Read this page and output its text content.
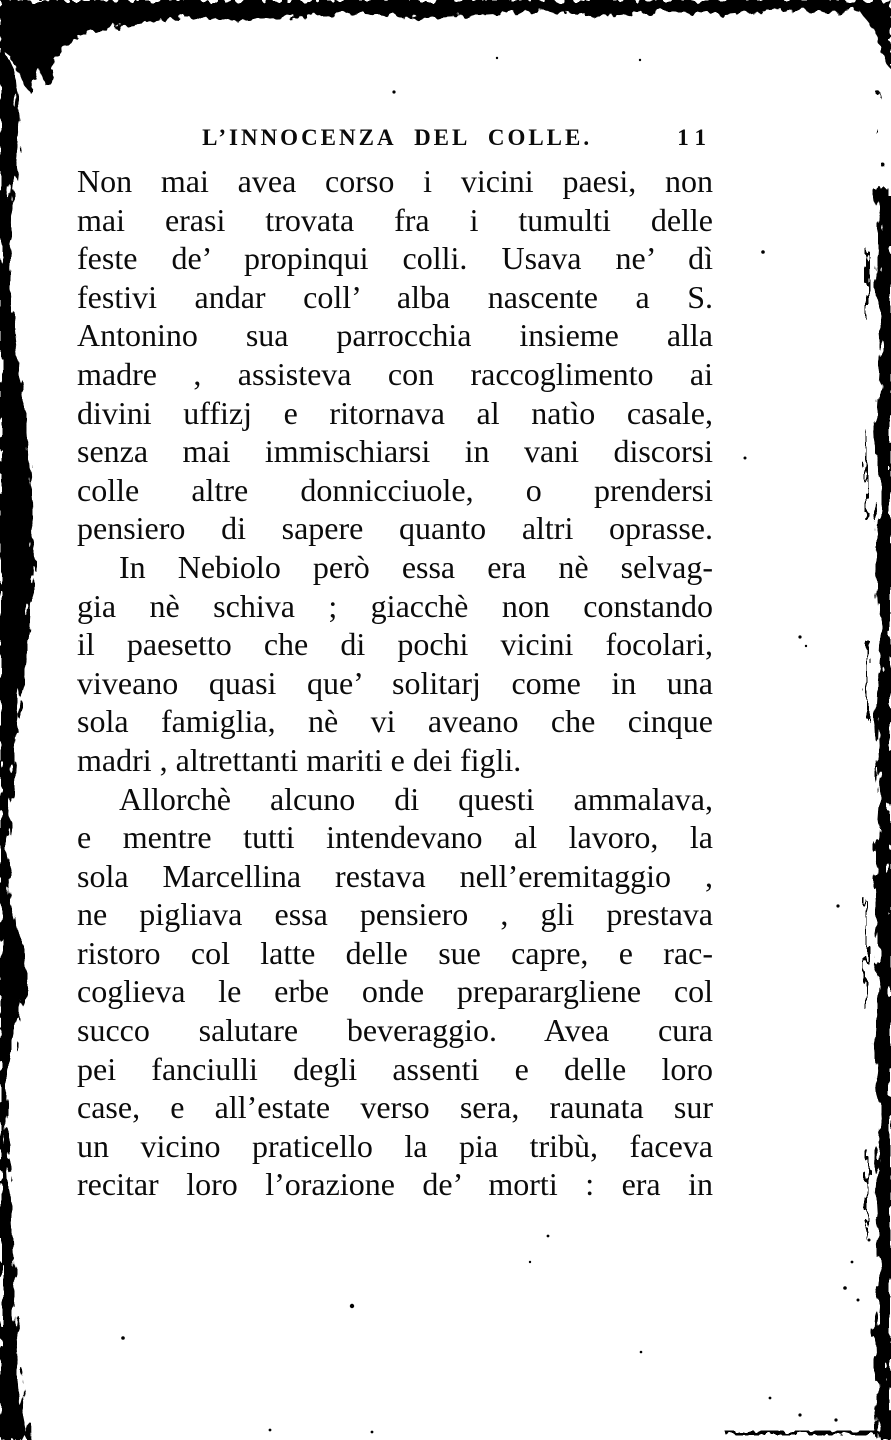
L’INNOCENZA DEL COLLE.	11
Non mai avea corso i vicini paesi, non
mai erasi trovata fra i tumulti delle
feste de’ propinqui colli. Usava ne’ dì
festivi andar coll’ alba nascente a S.
Antonino sua parrocchia insieme alla
madre , assisteva con raccoglimento ai
divini uffizj e ritornava al natìo casale,
senza mai immischiarsi in vani discorsi
colle altre donnicciuole, o prendersi
pensiero di sapere quanto altri oprasse.
In Nebiolo però essa era nè selvag-
gia nè schiva ; giacchè non constando
il paesetto che di pochi vicini focolari,
viveano quasi que’ solitarj come in una
sola famiglia, nè vi aveano che cinque
madri , altrettanti mariti e dei figli.
Allorchè alcuno di questi ammalava,
e mentre tutti intendevano al lavoro, la
sola Marcellina restava nell’eremitaggio ,
ne pigliava essa pensiero , gli prestava
ristoro col latte delle sue capre, e rac-
coglieva le erbe onde preparargliene col
succo salutare beveraggio. Avea cura
pei fanciulli degli assenti e delle loro
case, e all’estate verso sera, raunata sur
un vicino praticello la pia tribù, faceva
recitar loro l’orazione de’ morti : era in
